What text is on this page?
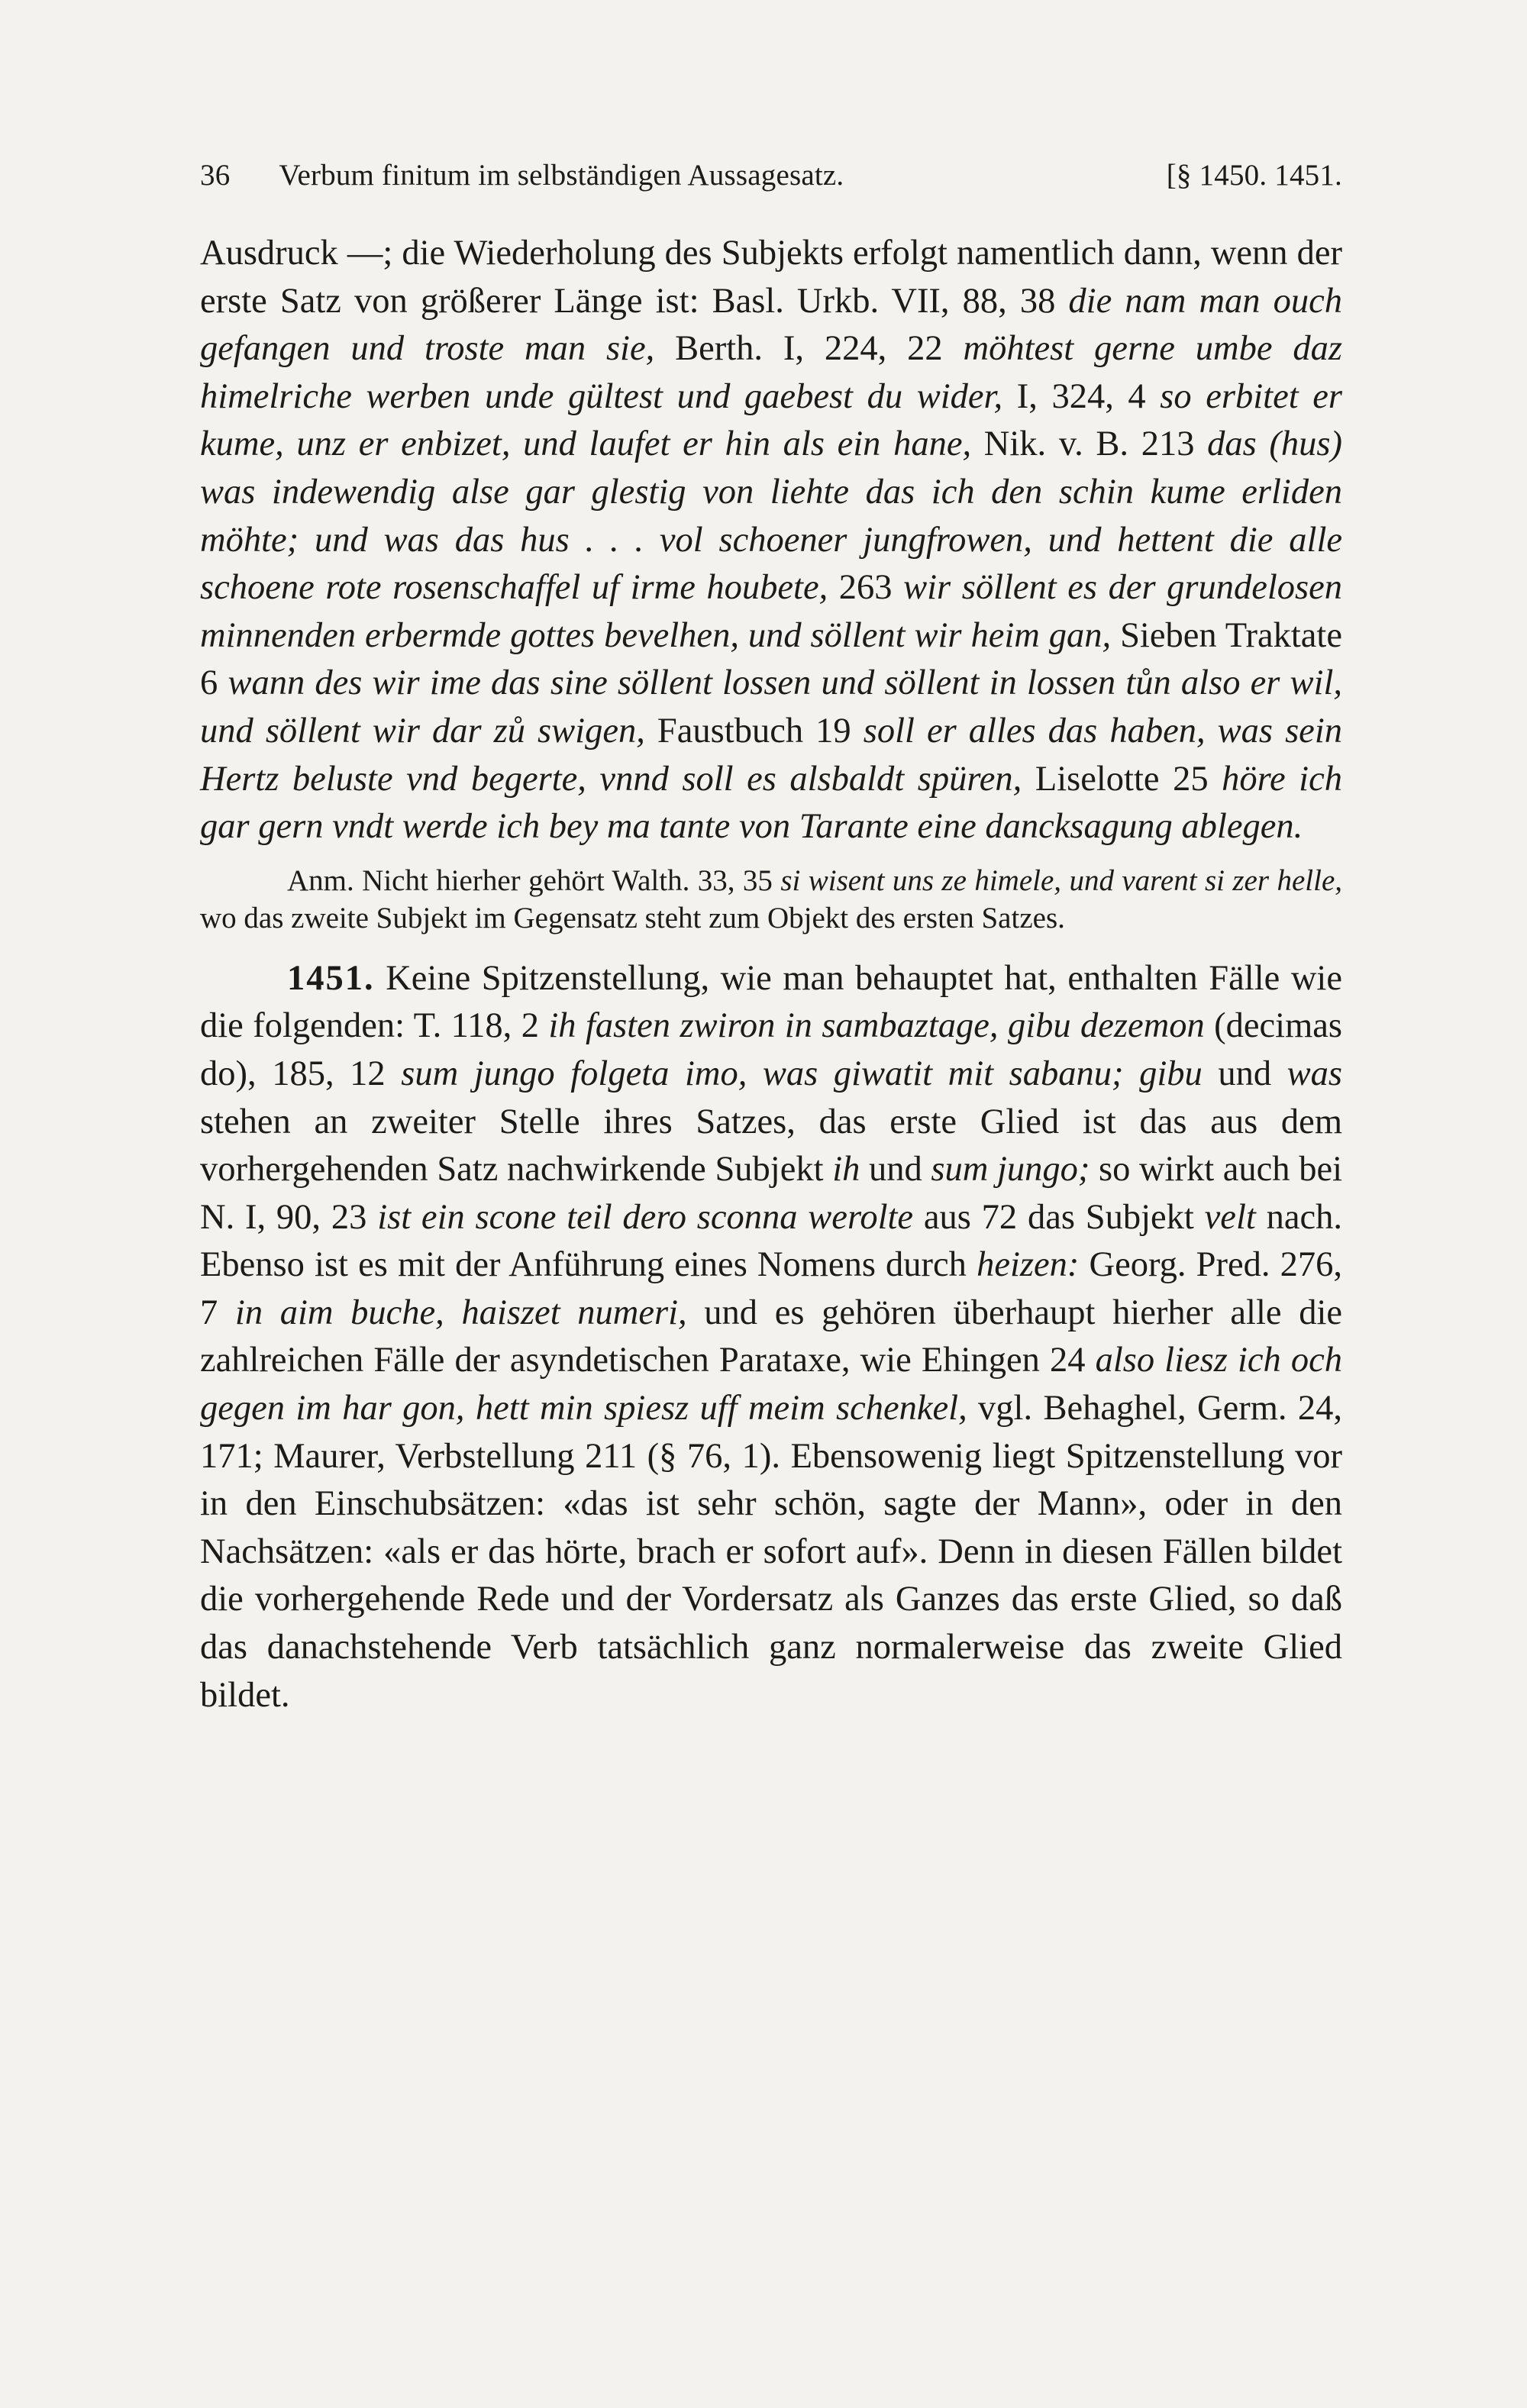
36	Verbum finitum im selbständigen Aussagesatz.	[§ 1450. 1451.

Ausdruck —; die Wiederholung des Subjekts erfolgt namentlich dann, wenn der erste Satz von größerer Länge ist: Basl. Urkb. VII, 88, 38 die nam man ouch gefangen und troste man sie, Berth. I, 224, 22 möhtest gerne umbe daz himelriche werben unde gültest und gaebest du wider, I, 324, 4 so erbitet er kume, unz er enbizet, und laufet er hin als ein hane, Nik. v. B. 213 das (hus) was indewendig alse gar glestig von liehte das ich den schin kume erliden möhte; und was das hus . . . vol schoener jungfrowen, und hettent die alle schoene rote rosenschaffel uf irme houbete, 263 wir söllent es der grundelosen minnenden erbermde gottes bevelhen, und söllent wir heim gan, Sieben Traktate 6 wann des wir ime das sine söllent lossen und söllent in lossen tůn also er wil, und söllent wir dar zů swigen, Faustbuch 19 soll er alles das haben, was sein Hertz beluste vnd begerte, vnnd soll es alsbaldt spüren, Liselotte 25 höre ich gar gern vndt werde ich bey ma tante von Tarante eine dancksagung ablegen.

Anm. Nicht hierher gehört Walth. 33, 35 si wisent uns ze himele, und varent si zer helle, wo das zweite Subjekt im Gegensatz steht zum Objekt des ersten Satzes.

1451. Keine Spitzenstellung, wie man behauptet hat, enthalten Fälle wie die folgenden: T. 118, 2 ih fasten zwiron in sambaztage, gibu dezemon (decimas do), 185, 12 sum jungo folgeta imo, was giwatit mit sabanu; gibu und was stehen an zweiter Stelle ihres Satzes, das erste Glied ist das aus dem vorhergehenden Satz nachwirkende Subjekt ih und sum jungo; so wirkt auch bei N. I, 90, 23 ist ein scone teil dero sconna werolte aus 72 das Subjekt velt nach. Ebenso ist es mit der Anführung eines Nomens durch heizen: Georg. Pred. 276, 7 in aim buche, haiszet numeri, und es gehören überhaupt hierher alle die zahlreichen Fälle der asyndetischen Parataxe, wie Ehingen 24 also liesz ich och gegen im har gon, hett min spiesz uff meim schenkel, vgl. Behaghel, Germ. 24, 171; Maurer, Verbstellung 211 (§ 76, 1). Ebensowenig liegt Spitzenstellung vor in den Einschubsätzen: «das ist sehr schön, sagte der Mann», oder in den Nachsätzen: «als er das hörte, brach er sofort auf». Denn in diesen Fällen bildet die vorhergehende Rede und der Vordersatz als Ganzes das erste Glied, so daß das danachstehende Verb tatsächlich ganz normalerweise das zweite Glied bildet.
